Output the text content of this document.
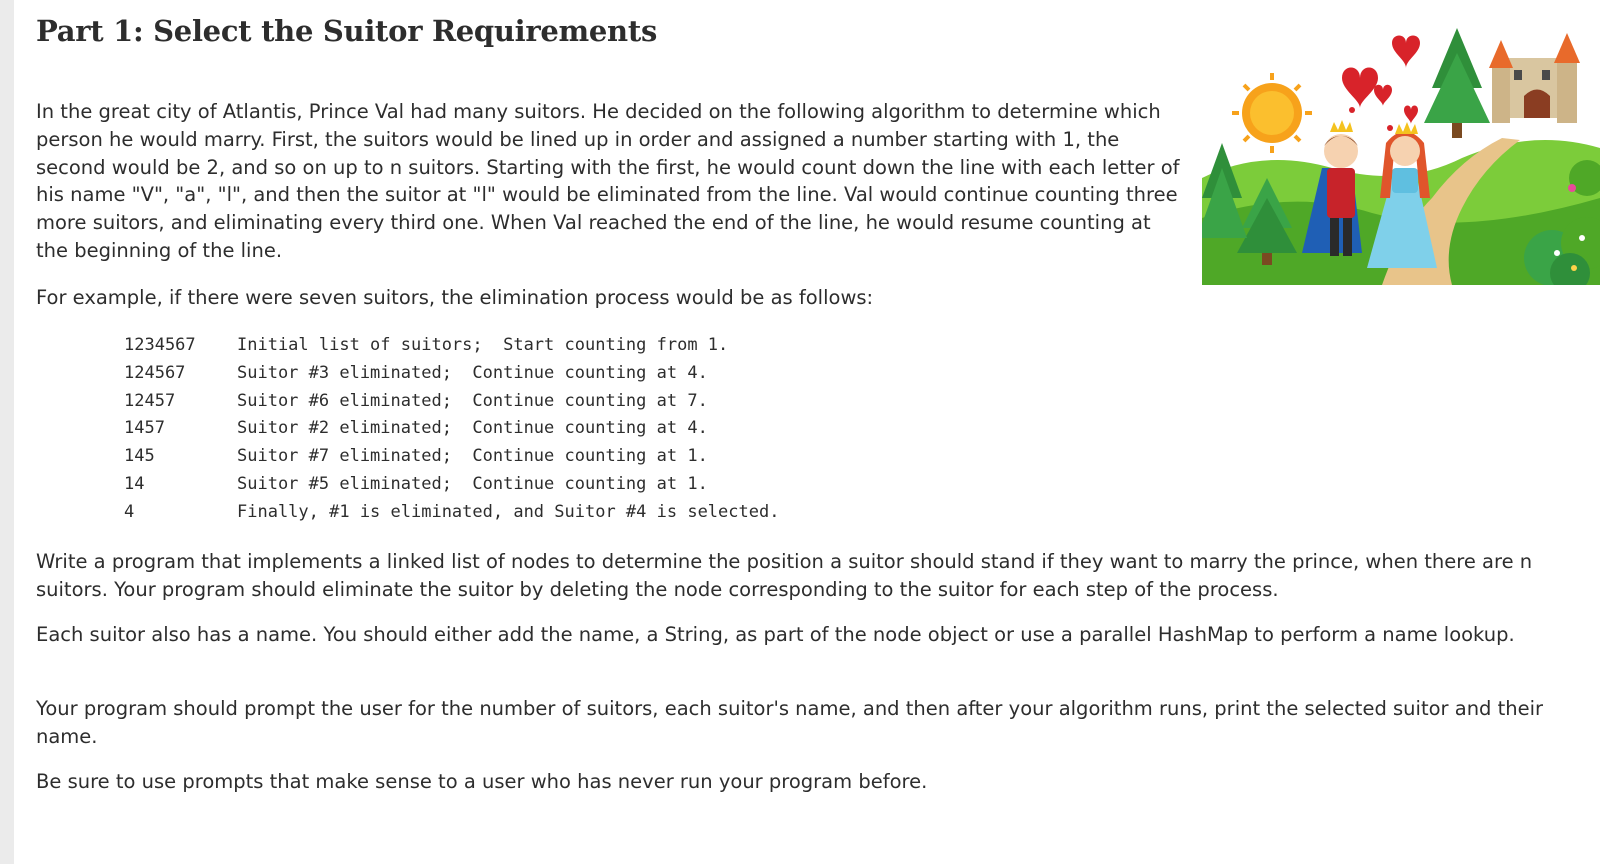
Part 1: Select the Suitor Requirements

In the great city of Atlantis, Prince Val had many suitors. He decided on the following algorithm to determine which person he would marry. First, the suitors would be lined up in order and assigned a number starting with 1, the second would be 2, and so on up to n suitors. Starting with the first, he would count down the line with each letter of his name "V", "a", "l", and then the suitor at "l" would be eliminated from the line. Val would continue counting three more suitors, and eliminating every third one. When Val reached the end of the line, he would resume counting at the beginning of the line.

For example, if there were seven suitors, the elimination process would be as follows:

1234567 Initial list of suitors;  Start counting from 1.
124567	Suitor #3 eliminated;  Continue counting at 4.
12457	Suitor #6 eliminated;  Continue counting at 7.
1457	Suitor #2 eliminated;  Continue counting at 4.
145	Suitor #7 eliminated;  Continue counting at 1.
14	Suitor #5 eliminated;  Continue counting at 1.
4	Finally, #1 is eliminated, and Suitor #4 is selected.

Write a program that implements a linked list of nodes to determine the position a suitor should stand if they want to marry the prince, when there are n suitors. Your program should eliminate the suitor by deleting the node corresponding to the suitor for each step of the process.

Each suitor also has a name. You should either add the name, a String, as part of the node object or use a parallel HashMap to perform a name lookup.

Your program should prompt the user for the number of suitors, each suitor's name, and then after your algorithm runs, print the selected suitor and their name.

Be sure to use prompts that make sense to a user who has never run your program before.
